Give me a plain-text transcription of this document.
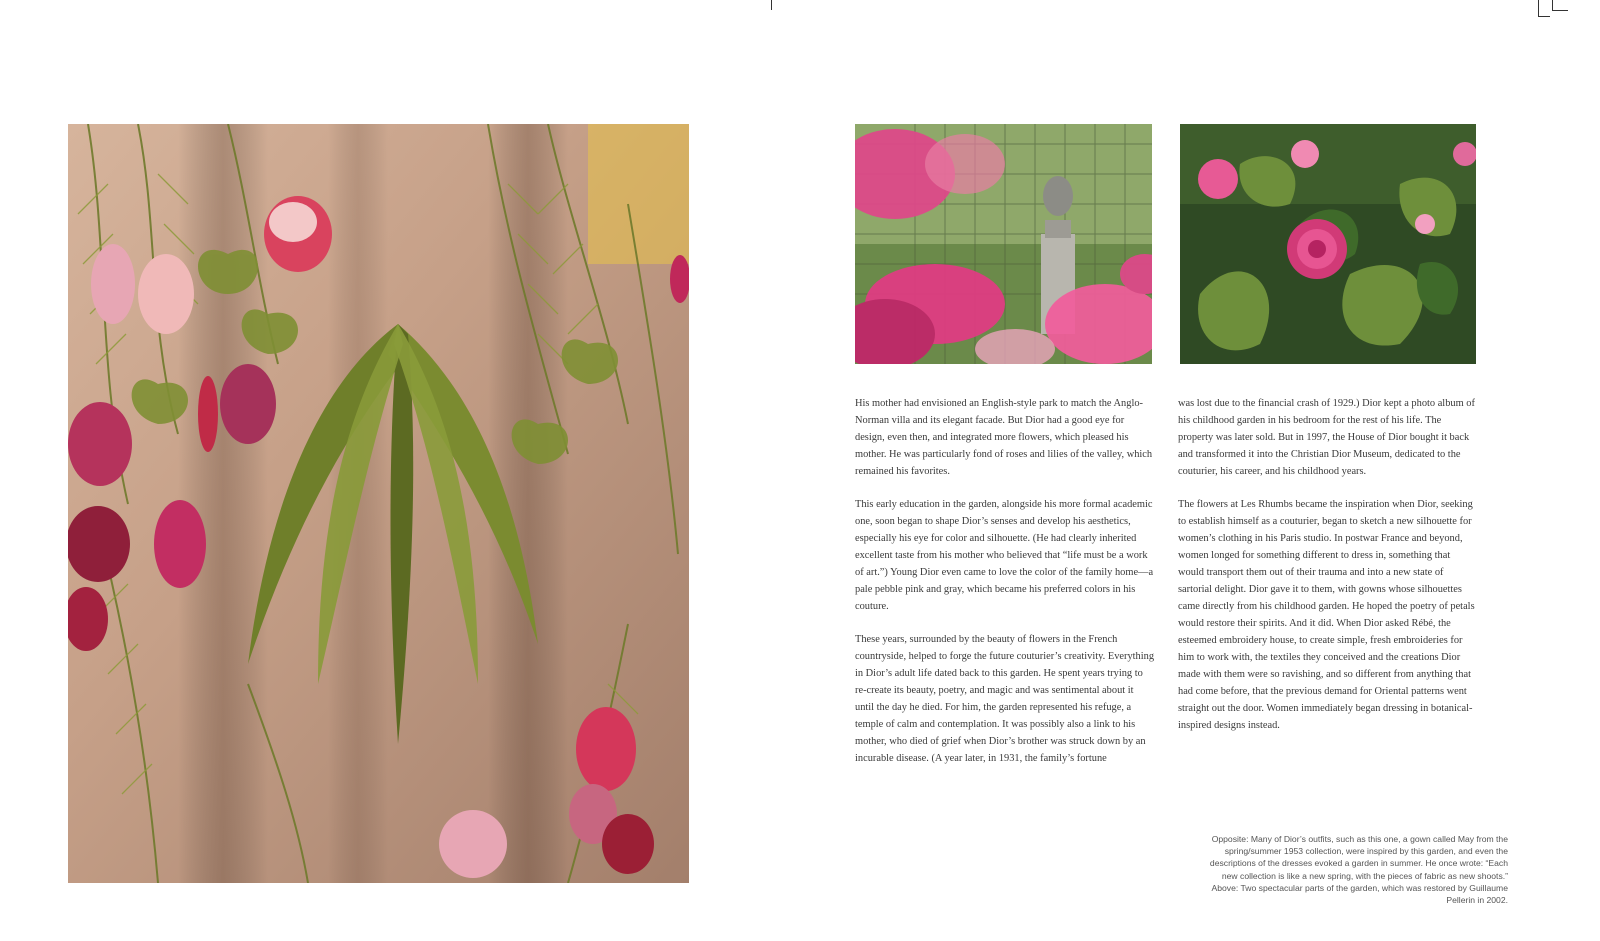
His mother had envisioned an English-style park to match the Anglo-Norman villa and its elegant facade. But Dior had a good eye for design, even then, and integrated more flowers, which pleased his mother. He was particularly fond of roses and lilies of the valley, which remained his favorites.

This early education in the garden, alongside his more formal academic one, soon began to shape Dior’s senses and develop his aesthetics, especially his eye for color and silhouette. (He had clearly inherited excellent taste from his mother who believed that “life must be a work of art.”) Young Dior even came to love the color of the family home—a pale pebble pink and gray, which became his preferred colors in his couture.

These years, surrounded by the beauty of flowers in the French countryside, helped to forge the future couturier’s creativity. Everything in Dior’s adult life dated back to this garden. He spent years trying to re-create its beauty, poetry, and magic and was sentimental about it until the day he died. For him, the garden represented his refuge, a temple of calm and contemplation. It was possibly also a link to his mother, who died of grief when Dior’s brother was struck down by an incurable disease. (A year later, in 1931, the family’s fortune

was lost due to the financial crash of 1929.) Dior kept a photo album of his childhood garden in his bedroom for the rest of his life. The property was later sold. But in 1997, the House of Dior bought it back and transformed it into the Christian Dior Museum, dedicated to the couturier, his career, and his childhood years.

The flowers at Les Rhumbs became the inspiration when Dior, seeking to establish himself as a couturier, began to sketch a new silhouette for women’s clothing in his Paris studio. In postwar France and beyond, women longed for something different to dress in, something that would transport them out of their trauma and into a new state of sartorial delight. Dior gave it to them, with gowns whose silhouettes came directly from his childhood garden. He hoped the poetry of petals would restore their spirits. And it did. When Dior asked Rébé, the esteemed embroidery house, to create simple, fresh embroideries for him to work with, the textiles they conceived and the creations Dior made with them were so ravishing, and so different from anything that had come before, that the previous demand for Oriental patterns went straight out the door. Women immediately began dressing in botanical-inspired designs instead.

Opposite: Many of Dior’s outfits, such as this one, a gown called May from the spring/summer 1953 collection, were inspired by this garden, and even the descriptions of the dresses evoked a garden in summer. He once wrote: “Each new collection is like a new spring, with the pieces of fabric as new shoots.” Above: Two spectacular parts of the garden, which was restored by Guillaume Pellerin in 2002.
